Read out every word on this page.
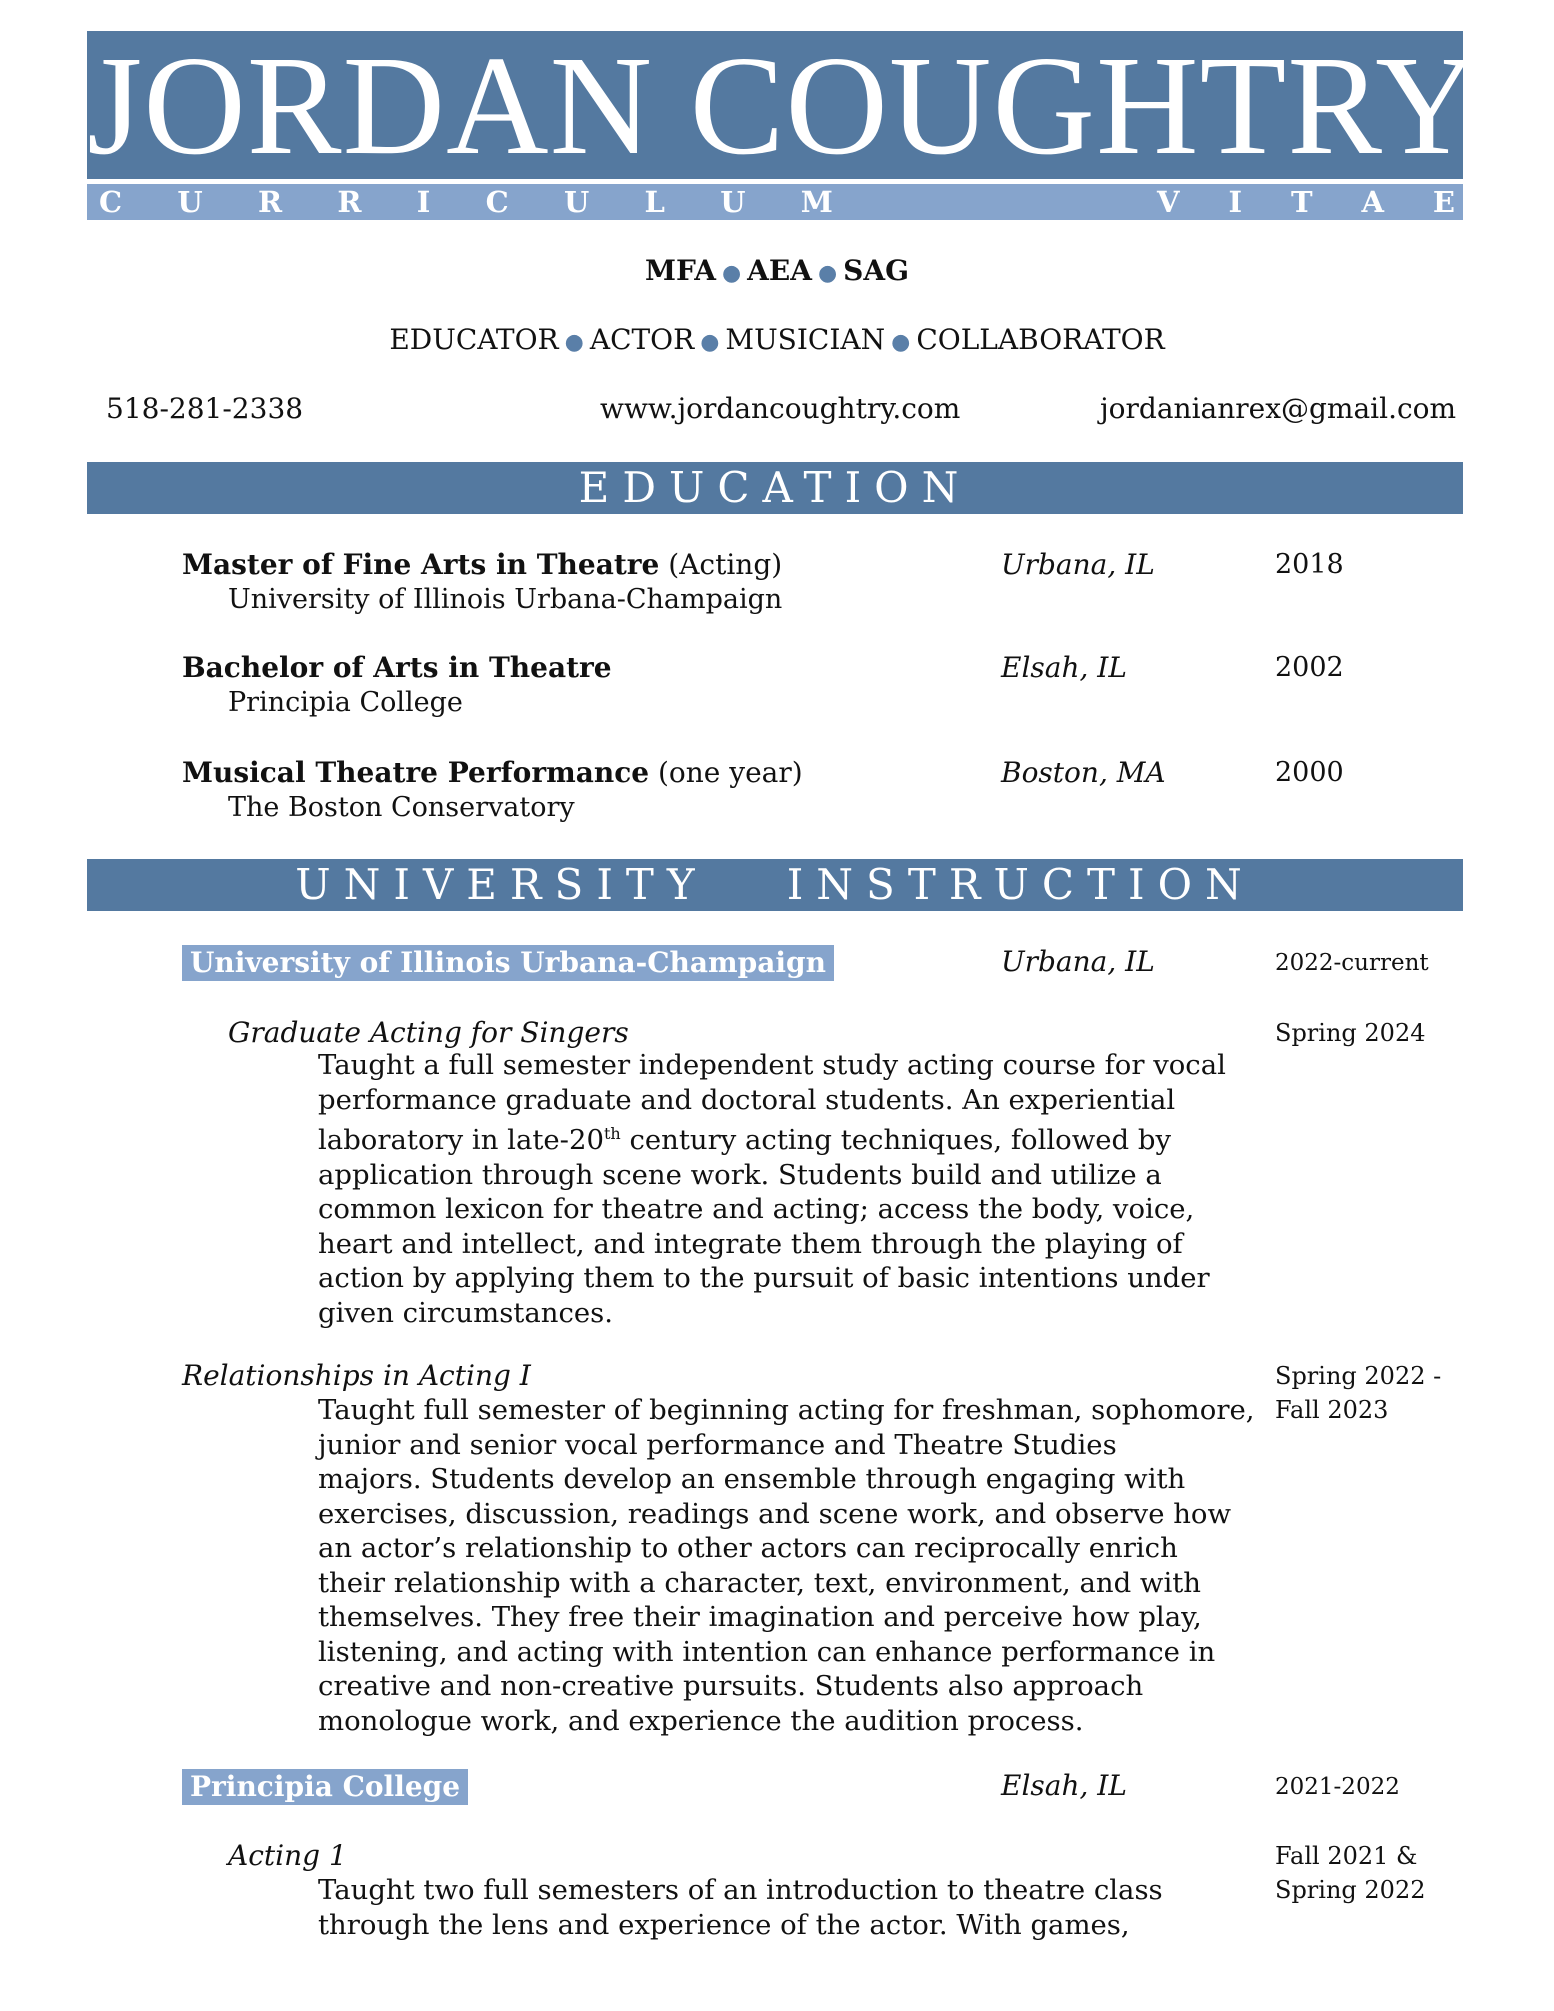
JORDAN COUGHTRY
C U R R I C U L U M	V I T A E
MFA ● AEA ● SAG
EDUCATOR ● ACTOR ● MUSICIAN ● COLLABORATOR
518-281-2338	www.jordancoughtry.com	jordanianrex@gmail.com
EDUCATION
Master of Fine Arts in Theatre (Acting)
University of Illinois Urbana-Champaign
Urbana, IL	2018
Bachelor of Arts in Theatre
Principia College
Elsah, IL	2002
Musical Theatre Performance (one year)
The Boston Conservatory
Boston, MA	2000
UNIVERSITY   INSTRUCTION
University of Illinois Urbana-Champaign	Urbana, IL	2022-current
Graduate Acting for Singers	Spring 2024
Taught a full semester independent study acting course for vocal
performance graduate and doctoral students. An experiential
laboratory in late-20th century acting techniques, followed by
application through scene work. Students build and utilize a
common lexicon for theatre and acting; access the body, voice,
heart and intellect, and integrate them through the playing of
action by applying them to the pursuit of basic intentions under
given circumstances.
Relationships in Acting I	Spring 2022 -
Fall 2023
Taught full semester of beginning acting for freshman, sophomore,
junior and senior vocal performance and Theatre Studies
majors. Students develop an ensemble through engaging with
exercises, discussion, readings and scene work, and observe how
an actor’s relationship to other actors can reciprocally enrich
their relationship with a character, text, environment, and with
themselves. They free their imagination and perceive how play,
listening, and acting with intention can enhance performance in
creative and non-creative pursuits. Students also approach
monologue work, and experience the audition process.
Principia College	Elsah, IL	2021-2022
Acting 1	Fall 2021 &
Spring 2022
Taught two full semesters of an introduction to theatre class
through the lens and experience of the actor. With games,
